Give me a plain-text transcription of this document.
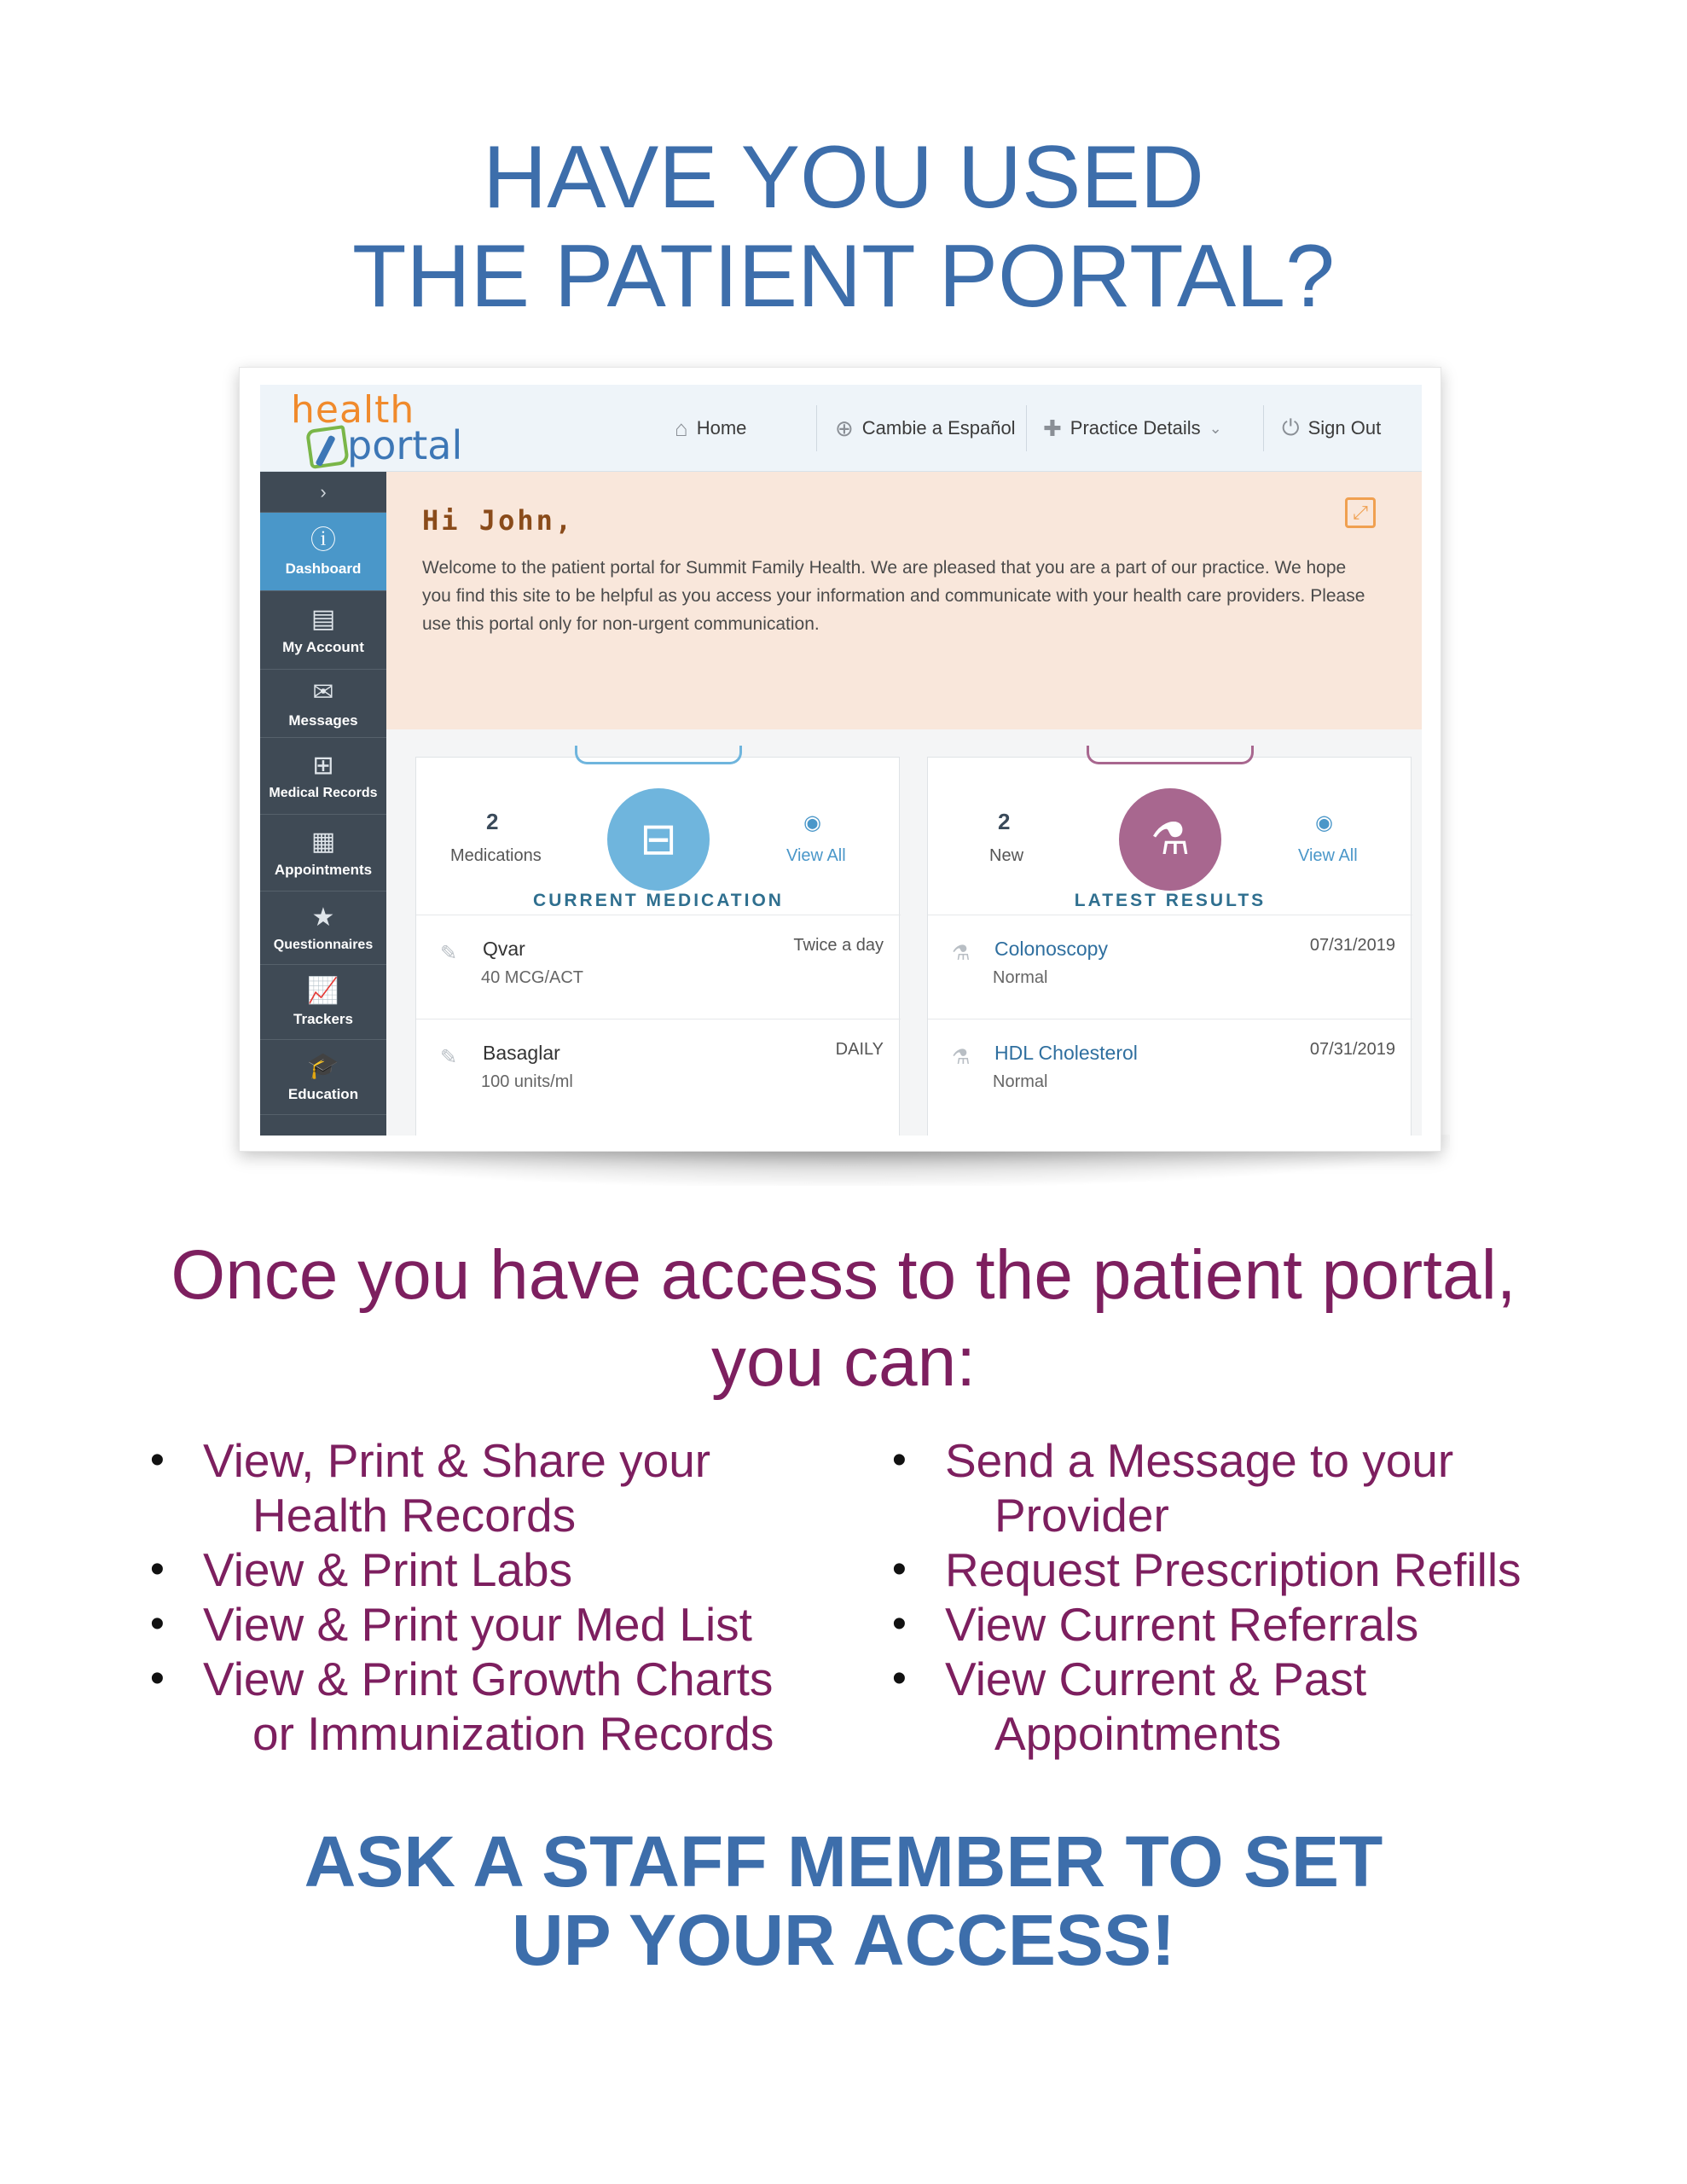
HAVE YOU USED
THE PATIENT PORTAL?
health
portal	⌂ Home	⊕ Cambie a Español ✚ Practice Details ⌄	⏻ Sign Out
›
ⓘ
Dashboard
▤
My Account
✉
Messages
⊞
Medical Records
▦
Appointments
★
Questionnaires
📈
Trackers
🎓
Education
Hi John,
Welcome to the patient portal for Summit Family Health. We are pleased that you are a part of our practice. We hope you find this site to be helpful as you access your information and communicate with your health care providers. Please use this portal only for non-urgent communication.
⤢
2
Medications	⊟	◉
View All
CURRENT MEDICATION
✎ Qvar
40 MCG/ACT
Twice a day
✎ Basaglar
100 units/ml
DAILY
2
New	⚗	◉
View All
LATEST RESULTS
⚗ Colonoscopy
Normal
07/31/2019
⚗ HDL Cholesterol
Normal
07/31/2019
Once you have access to the patient portal,
you can:
• View, Print & Share your
Health Records
• View & Print Labs
• View & Print your Med List
• View & Print Growth Charts
or Immunization Records
• Send a Message to your
Provider
• Request Prescription Refills
• View Current Referrals
• View Current & Past
Appointments
ASK A STAFF MEMBER TO SET
UP YOUR ACCESS!
